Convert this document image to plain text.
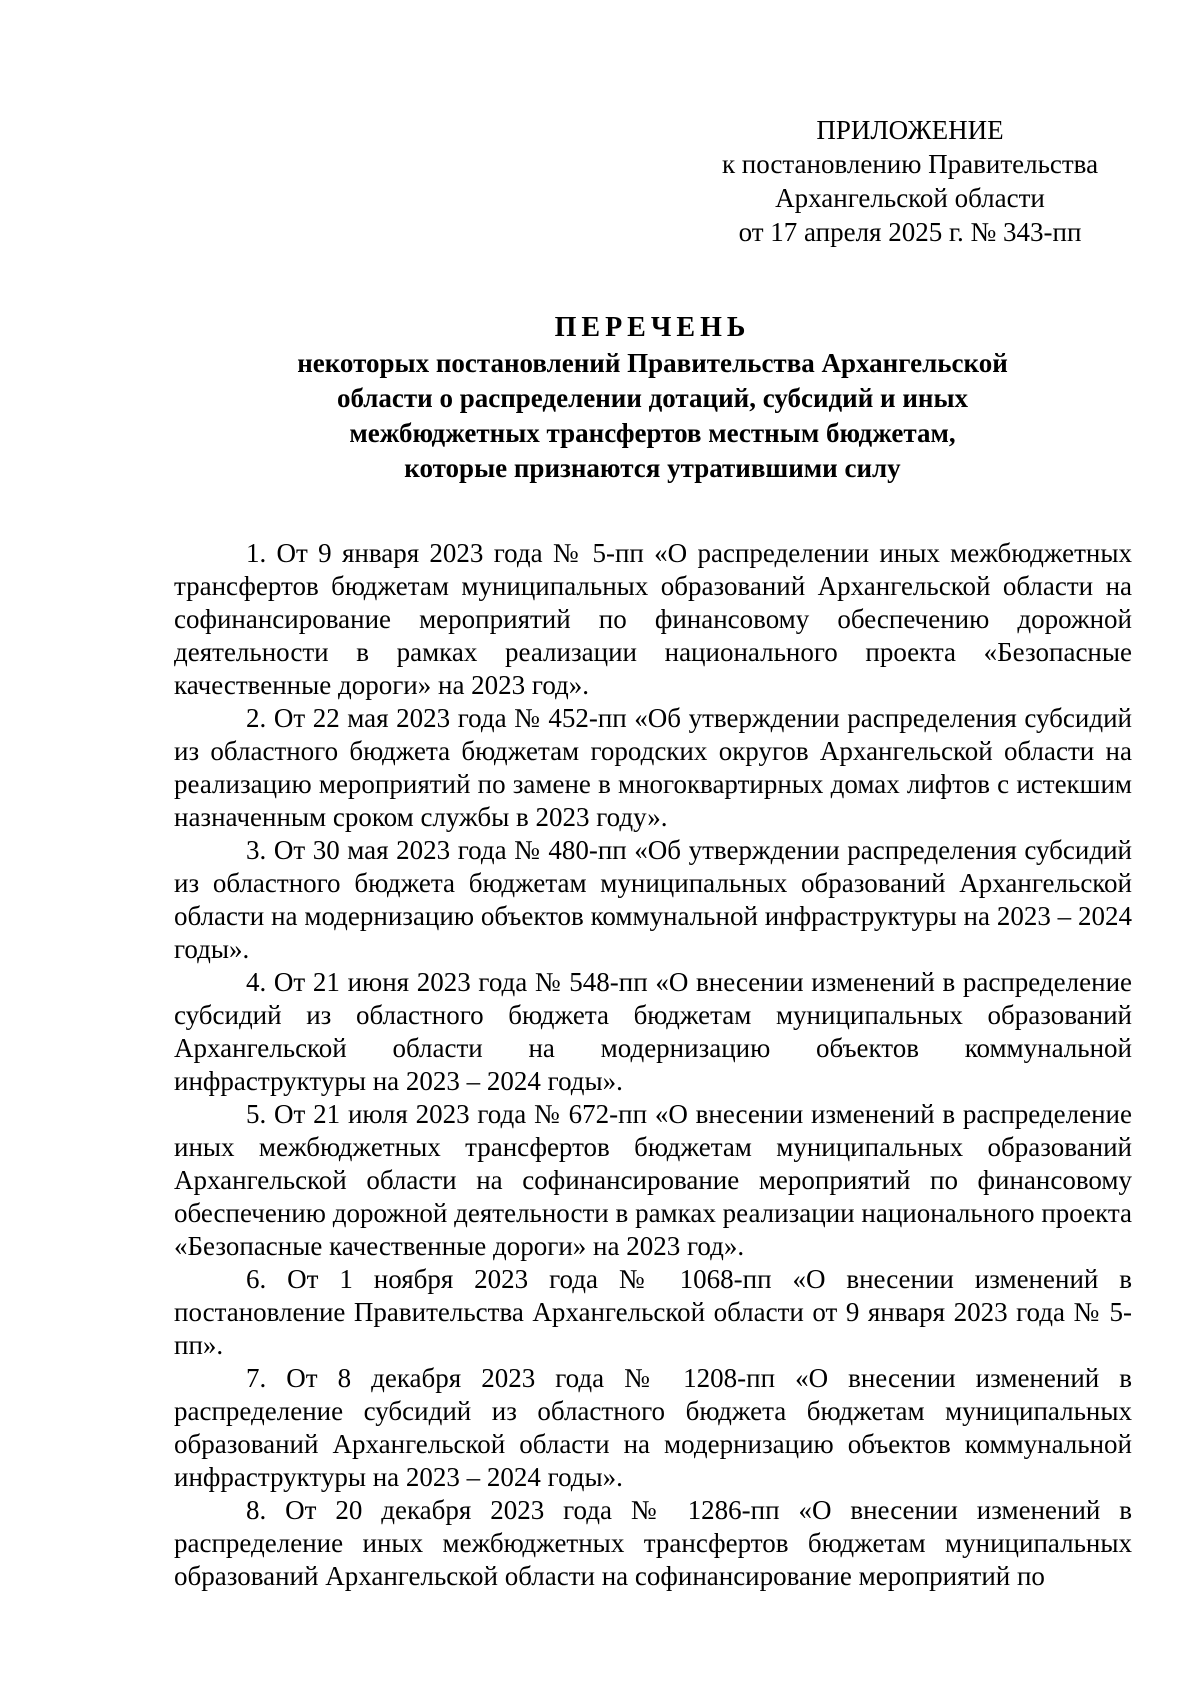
ПРИЛОЖЕНИЕ
к постановлению Правительства
Архангельской области
от 17 апреля 2025 г. № 343-пп
ПЕРЕЧЕНЬ
некоторых постановлений Правительства Архангельской
области о распределении дотаций, субсидий и иных
межбюджетных трансфертов местным бюджетам,
которые признаются утратившими силу

1. От 9 января 2023 года № 5-пп «О распределении иных межбюджетных трансфертов бюджетам муниципальных образований Архангельской области на софинансирование мероприятий по финансовому обеспечению дорожной деятельности в рамках реализации национального проекта «Безопасные качественные дороги» на 2023 год».

2. От 22 мая 2023 года № 452-пп «Об утверждении распределения субсидий из областного бюджета бюджетам городских округов Архангельской области на реализацию мероприятий по замене в многоквартирных домах лифтов с истекшим назначенным сроком службы в 2023 году».

3. От 30 мая 2023 года № 480-пп «Об утверждении распределения субсидий из областного бюджета бюджетам муниципальных образований Архангельской области на модернизацию объектов коммунальной инфраструктуры на 2023 – 2024 годы».

4. От 21 июня 2023 года № 548-пп «О внесении изменений в распределение субсидий из областного бюджета бюджетам муниципальных образований Архангельской области на модернизацию объектов коммунальной инфраструктуры на 2023 – 2024 годы».

5. От 21 июля 2023 года № 672-пп «О внесении изменений в распределение иных межбюджетных трансфертов бюджетам муниципальных образований Архангельской области на софинансирование мероприятий по финансовому обеспечению дорожной деятельности в рамках реализации национального проекта «Безопасные качественные дороги» на 2023 год».

6. От 1 ноября 2023 года № 1068-пп «О внесении изменений в постановление Правительства Архангельской области от 9 января 2023 года № 5-пп».

7. От 8 декабря 2023 года № 1208-пп «О внесении изменений в распределение субсидий из областного бюджета бюджетам муниципальных образований Архангельской области на модернизацию объектов коммунальной инфраструктуры на 2023 – 2024 годы».

8. От 20 декабря 2023 года № 1286-пп «О внесении изменений в распределение иных межбюджетных трансфертов бюджетам муниципальных образований Архангельской области на софинансирование мероприятий по
